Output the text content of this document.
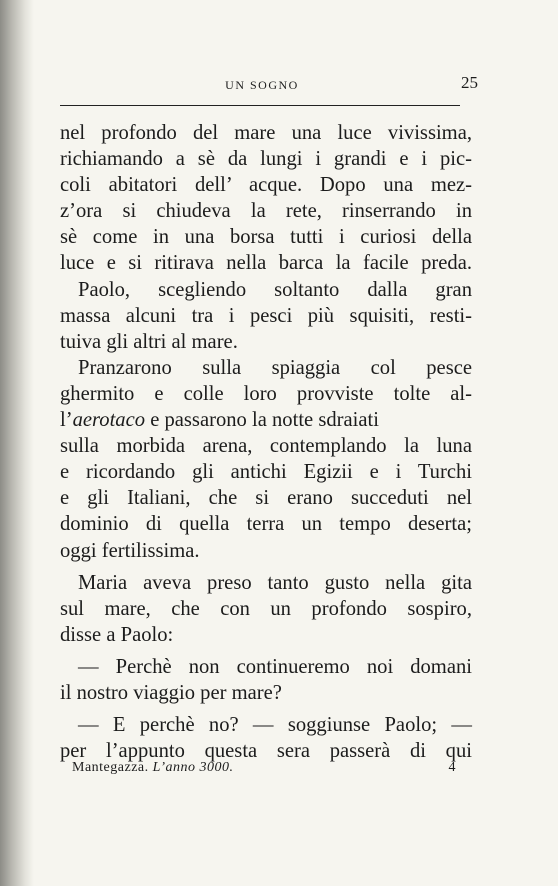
UN SOGNO	25
nel profondo del mare una luce vivissima,
richiamando a sè da lungi i grandi e i pic-
coli abitatori dell’ acque. Dopo una mez-
z’ora si chiudeva la rete, rinserrando in
sè come in una borsa tutti i curiosi della
luce e si ritirava nella barca la facile preda.
Paolo, scegliendo soltanto dalla gran
massa alcuni tra i pesci più squisiti, resti-
tuiva gli altri al mare.
Pranzarono sulla spiaggia col pesce
ghermito e colle loro provviste tolte al-
l’aerotaco e passarono la notte sdraiati
sulla morbida arena, contemplando la luna
e ricordando gli antichi Egizii e i Turchi
e gli Italiani, che si erano succeduti nel
dominio di quella terra un tempo deserta;
oggi fertilissima.
Maria aveva preso tanto gusto nella gita
sul mare, che con un profondo sospiro,
disse a Paolo:
— Perchè non continueremo noi domani
il nostro viaggio per mare?
— E perchè no? — soggiunse Paolo; —
per l’appunto questa sera passerà di qui
Mantegazza. L’anno 3000.	4
